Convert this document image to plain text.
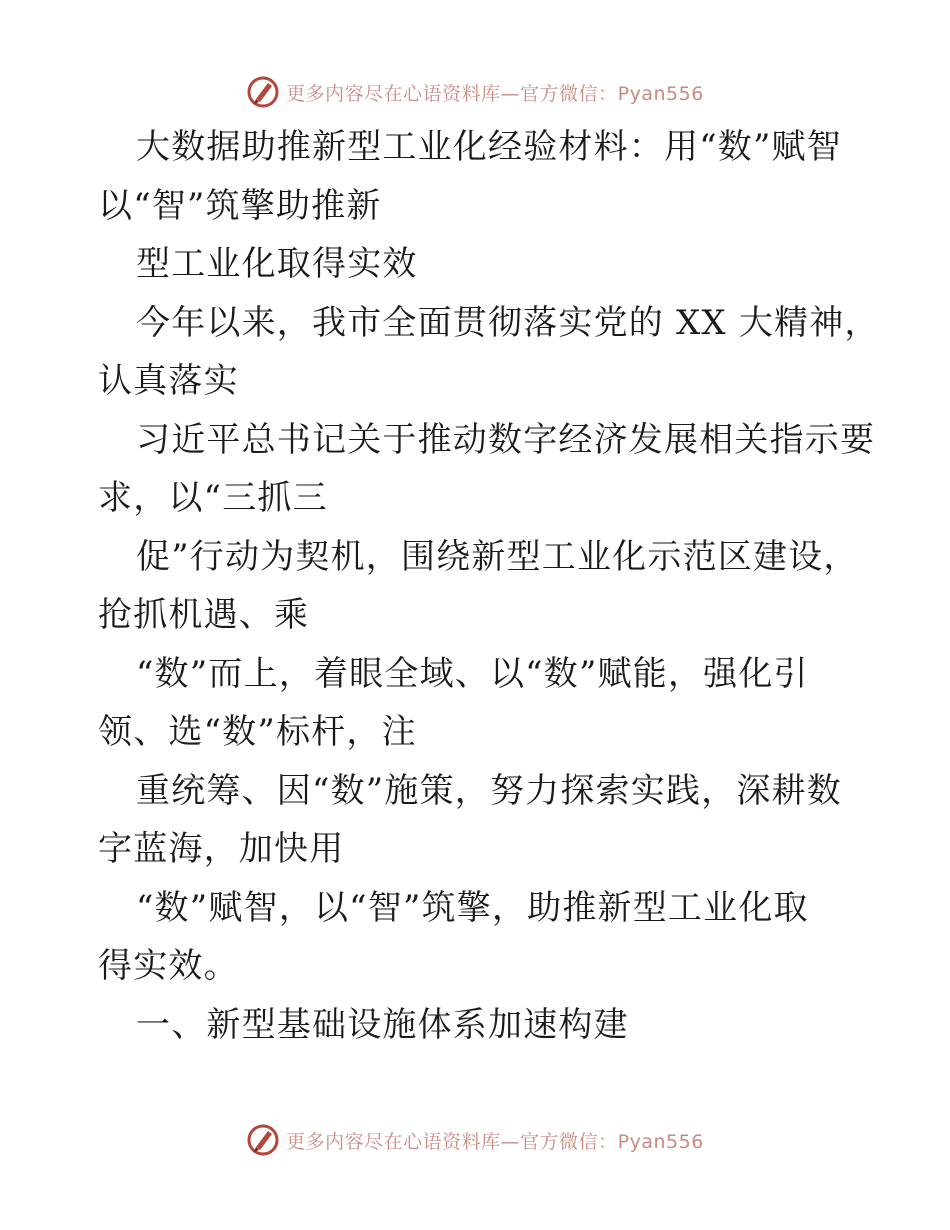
更多内容尽在心语资料库—官方微信：Pyan556
大数据助推新型工业化经验材料：用“数”赋智
以“智”筑擎助推新
型工业化取得实效
今年以来，我市全面贯彻落实党的 XX 大精神，
认真落实
习近平总书记关于推动数字经济发展相关指示要
求，以“三抓三
促”行动为契机，围绕新型工业化示范区建设，
抢抓机遇、乘
“数”而上，着眼全域、以“数”赋能，强化引
领、选“数”标杆，注
重统筹、因“数”施策，努力探索实践，深耕数
字蓝海，加快用
“数”赋智，以“智”筑擎，助推新型工业化取
得实效。
一、新型基础设施体系加速构建
更多内容尽在心语资料库—官方微信：Pyan556
